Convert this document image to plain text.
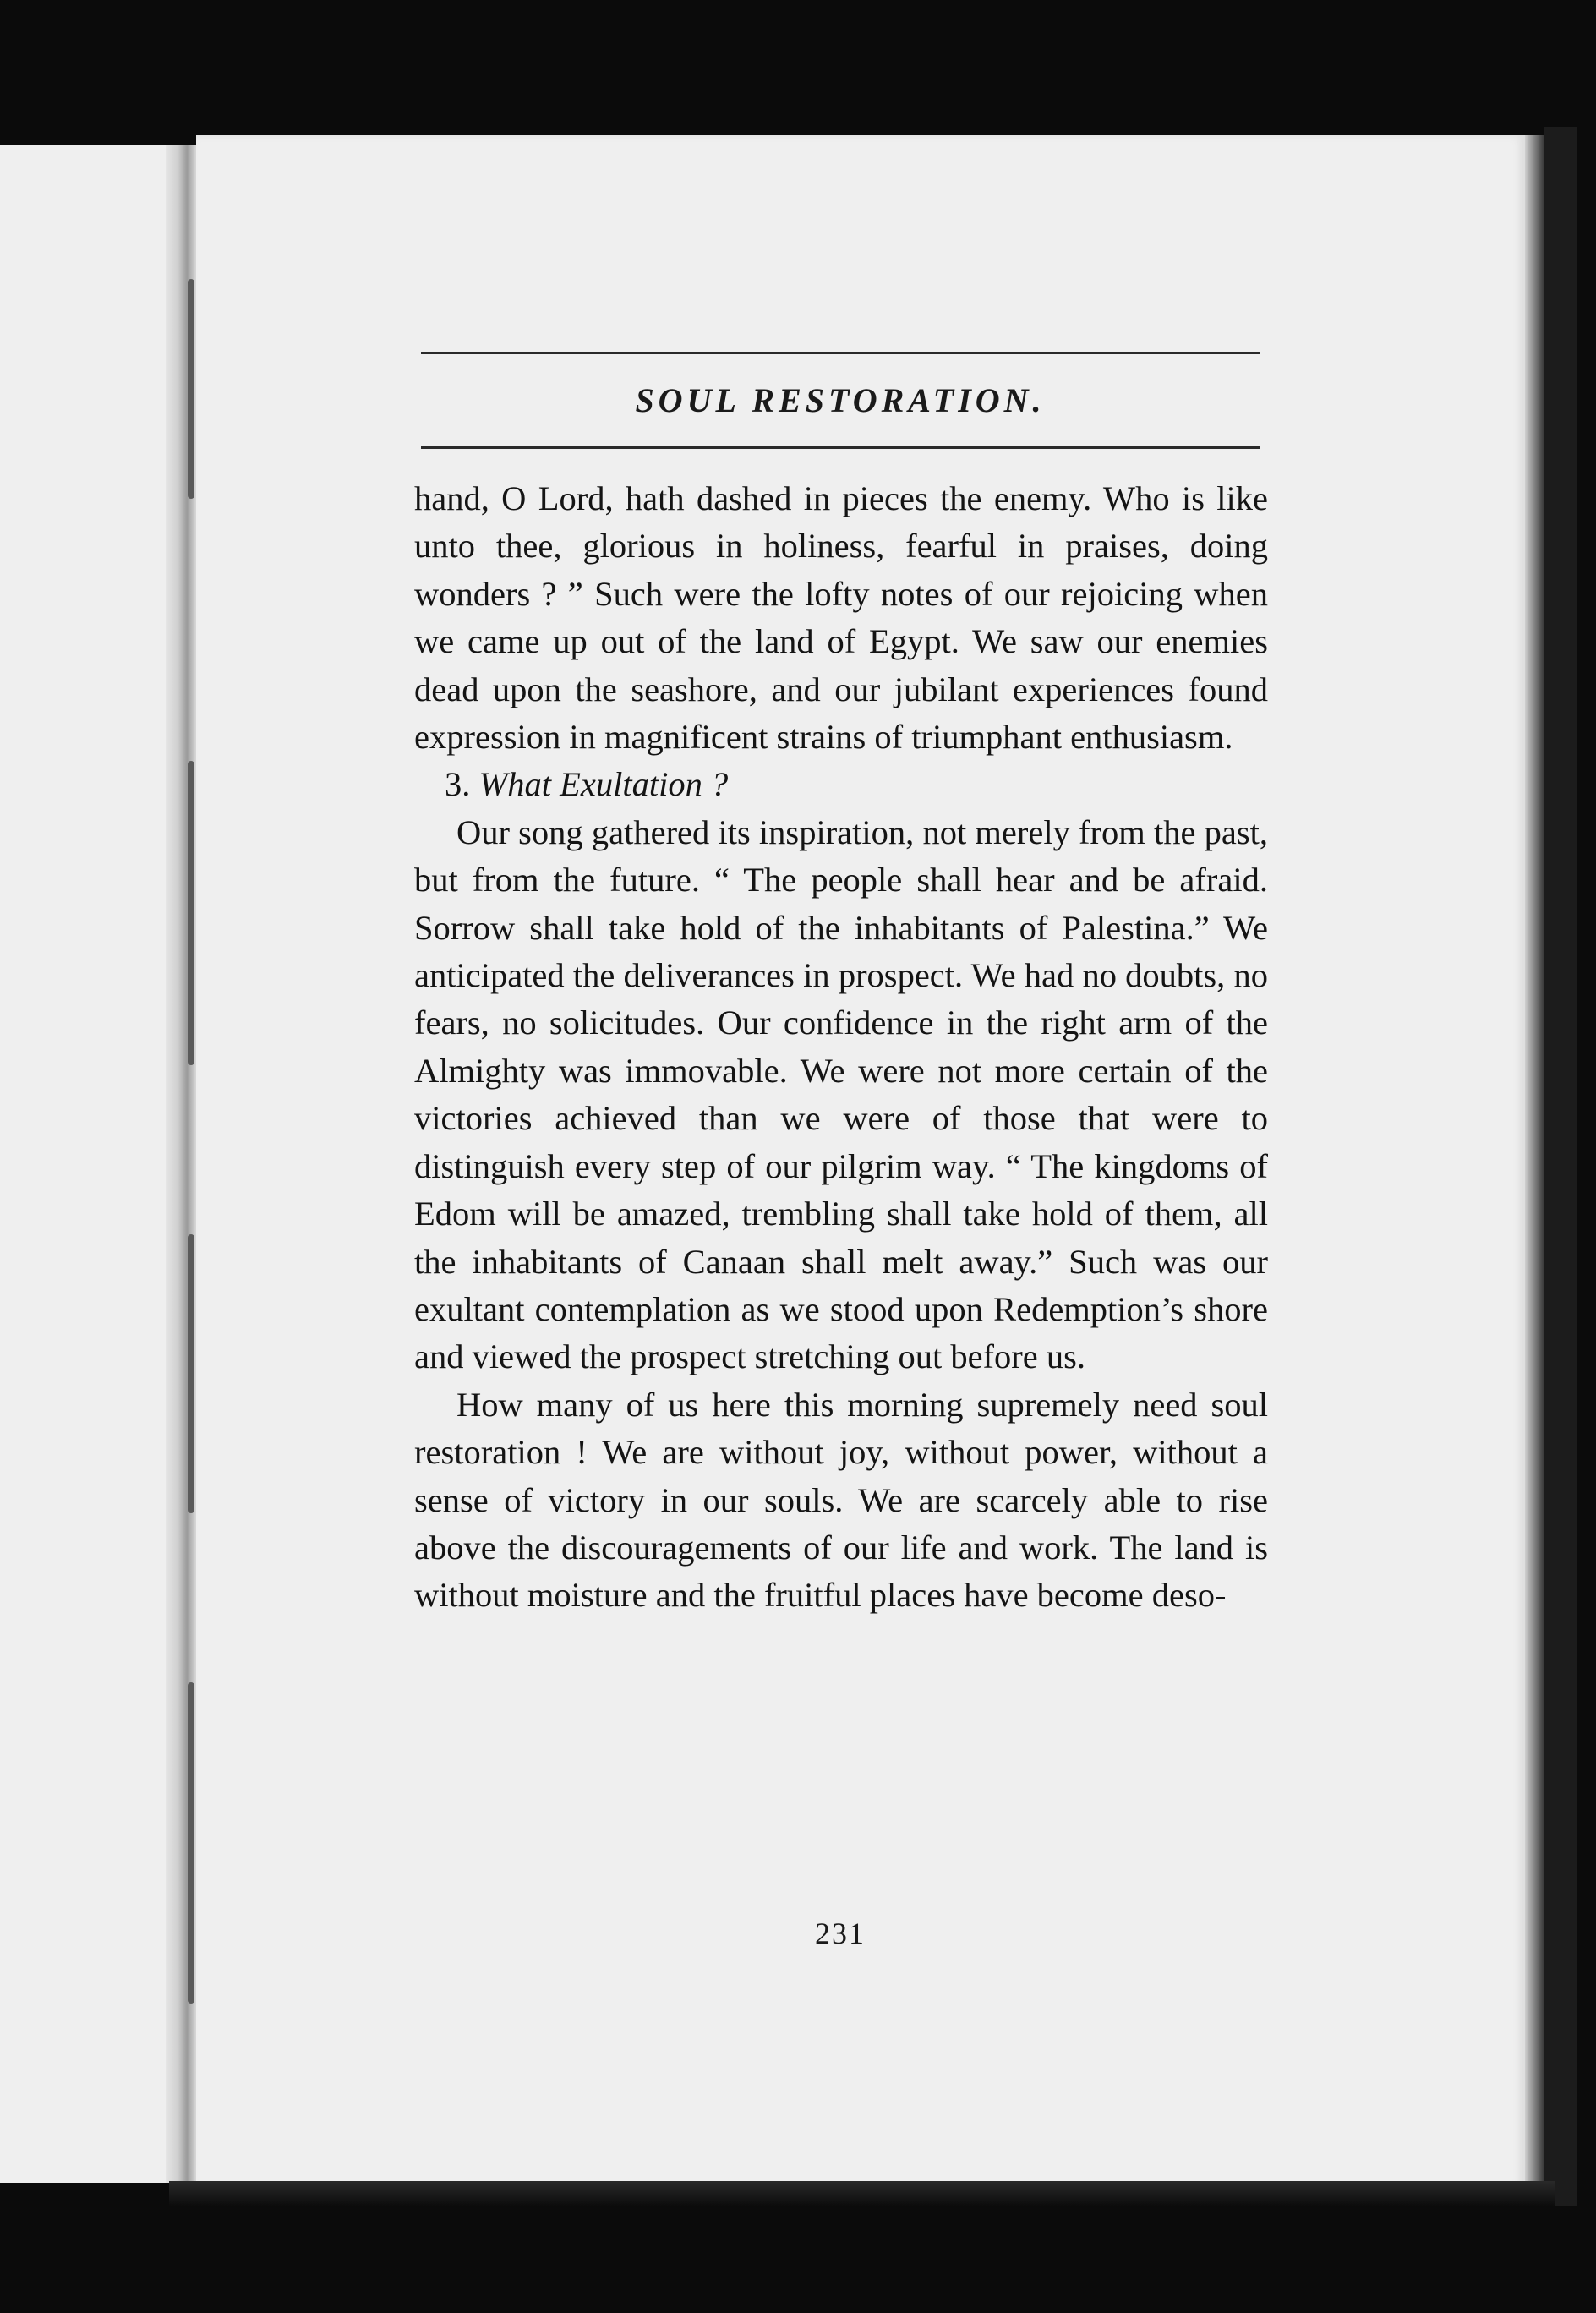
SOUL RESTORATION.

hand, O Lord, hath dashed in pieces the enemy. Who is like unto thee, glorious in holiness, fearful in praises, doing wonders ? ” Such were the lofty notes of our rejoicing when we came up out of the land of Egypt. We saw our enemies dead upon the seashore, and our jubilant experiences found expression in magnificent strains of triumphant enthusiasm.

3. What Exultation ?

Our song gathered its inspiration, not merely from the past, but from the future. “ The people shall hear and be afraid. Sorrow shall take hold of the inhabitants of Palestina.” We anticipated the deliverances in prospect. We had no doubts, no fears, no solicitudes. Our confidence in the right arm of the Almighty was immovable. We were not more certain of the victories achieved than we were of those that were to distinguish every step of our pilgrim way. “ The kingdoms of Edom will be amazed, trembling shall take hold of them, all the inhabitants of Canaan shall melt away.” Such was our exultant contemplation as we stood upon Redemption’s shore and viewed the prospect stretching out before us.

How many of us here this morning supremely need soul restoration ! We are without joy, without power, without a sense of victory in our souls. We are scarcely able to rise above the discouragements of our life and work. The land is without moisture and the fruitful places have become deso-

231
